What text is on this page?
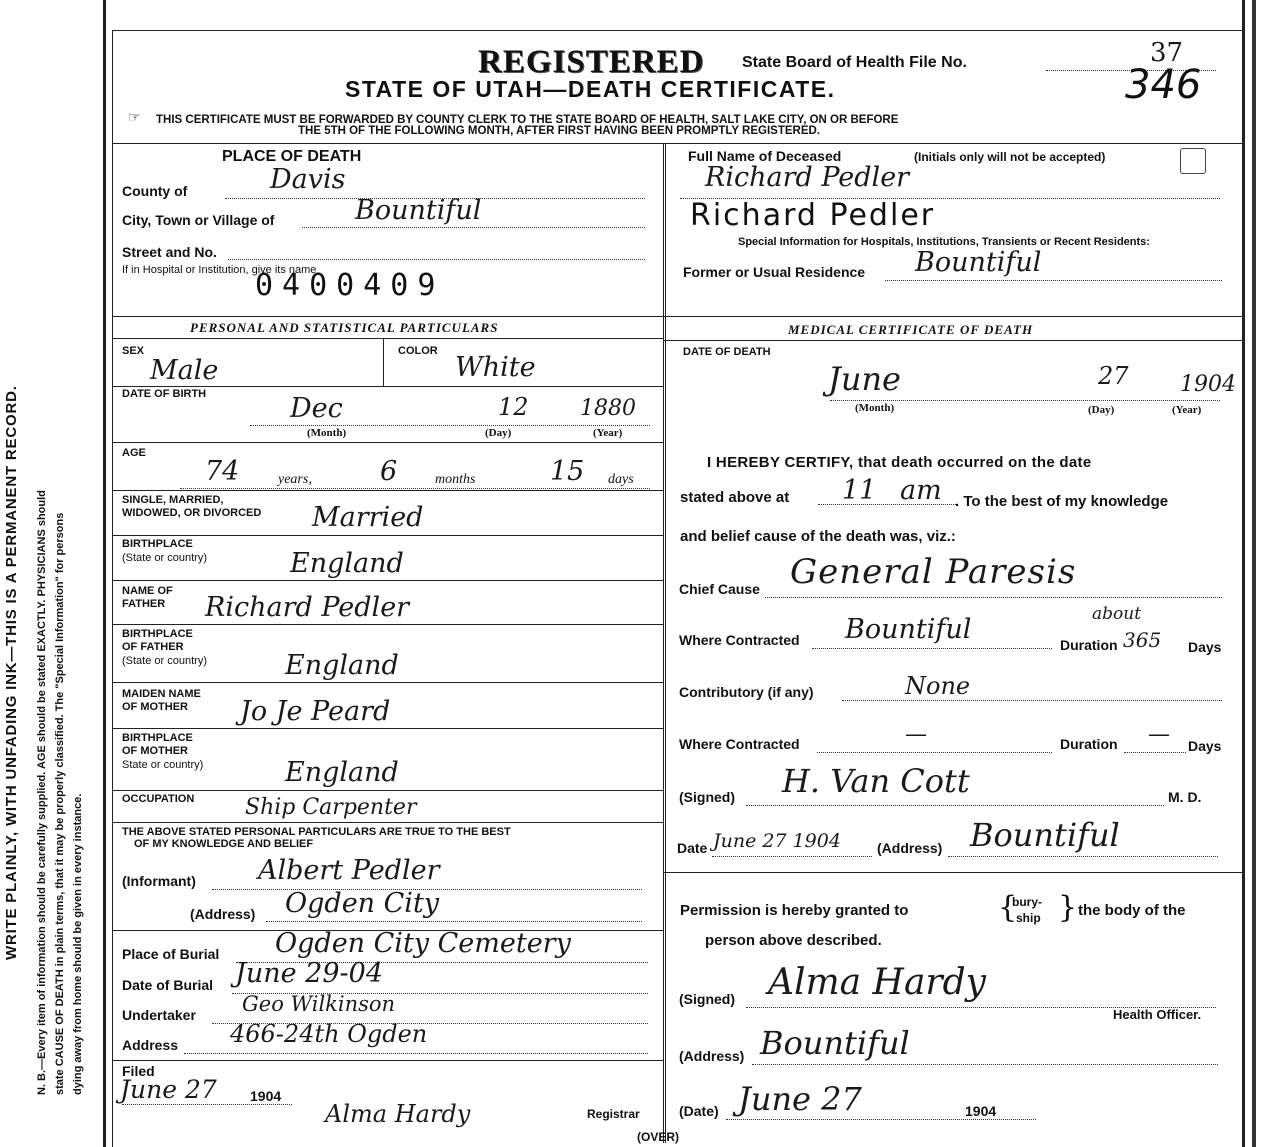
WRITE PLAINLY, WITH UNFADING INK—THIS IS A PERMANENT RECORD. N. B.—Every item of information should be carefully supplied. AGE should be stated EXACTLY. PHYSICIANS should state CAUSE OF DEATH in plain terms, that it may be properly classified. The "Special Information" for persons dying away from home should be given in every instance.
REGISTERED State Board of Health File No.	37
346
STATE OF UTAH—DEATH CERTIFICATE.
☞ THIS CERTIFICATE MUST BE FORWARDED BY COUNTY CLERK TO THE STATE BOARD OF HEALTH, SALT LAKE CITY, ON OR BEFORE
THE 5TH OF THE FOLLOWING MONTH, AFTER FIRST HAVING BEEN PROMPTLY REGISTERED.
PLACE OF DEATH
County of	Davis
City, Town or Village of	Bountiful
Street and No.
If in Hospital or Institution, give its name
0400409
Full Name of Deceased	(Initials only will not be accepted)
Richard Pedler
Richard Pedler
Special Information for Hospitals, Institutions, Transients or Recent Residents:
Former or Usual Residence Bountiful
PERSONAL AND STATISTICAL PARTICULARS
SEX
Male
COLOR
White
DATE OF BIRTH	Dec	12 1880
(Month)	(Day)	(Year)
AGE
74	years,	6	months	15 days
SINGLE, MARRIED,
WIDOWED, OR DIVORCED Married
BIRTHPLACE
(State or country)	England
NAME OF
FATHER Richard Pedler
BIRTHPLACE
OF FATHER
(State or country)	England
MAIDEN NAME
OF MOTHER Jo Je Peard
BIRTHPLACE
OF MOTHER
State or country)	England
OCCUPATION Ship Carpenter
THE ABOVE STATED PERSONAL PARTICULARS ARE TRUE TO THE BEST
OF MY KNOWLEDGE AND BELIEF
(Informant) Albert Pedler
(Address) Ogden City
Place of Burial Ogden City Cemetery
Date of Burial June 29-04
Undertaker Geo Wilkinson
Address 466-24th Ogden
Filed
June 27 1904
Alma Hardy	Registrar
MEDICAL CERTIFICATE OF DEATH
DATE OF DEATH
June	27 1904
(Month)	(Day)	(Year)
I HEREBY CERTIFY, that death occurred on the date
stated above at 11 am . To the best of my knowledge
and belief cause of the death was, viz.:
Chief Cause General Paresis
Where Contracted Bountiful	about
Duration 365 Days
Contributory (if any)	None
Where Contracted	—	Duration — Days
(Signed) H. Van Cott	M. D.
Date June 27 1904	(Address) Bountiful
Permission is hereby granted to	{
bury-
ship } the body of the
person above described.
(Signed) Alma Hardy
Health Officer.
(Address) Bountiful
(Date) June 27	1904
(OVER)
